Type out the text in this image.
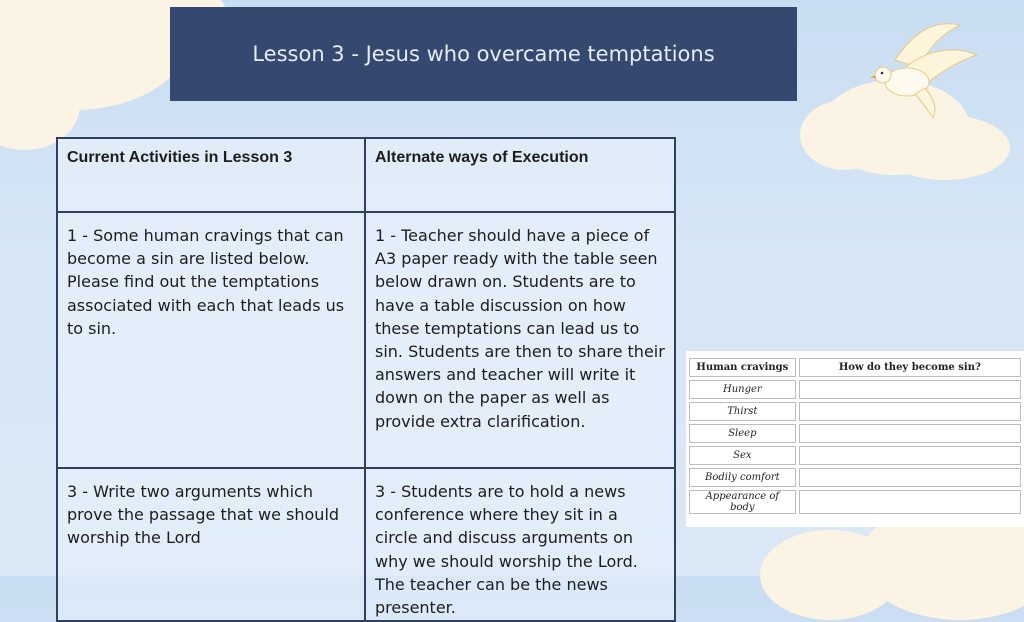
Lesson 3 - Jesus who overcame temptations
Current Activities in Lesson 3	Alternate ways of Execution
1 - Some human cravings that can become a sin are listed below. Please find out the temptations associated with each that leads us to sin.	1 - Teacher should have a piece of A3 paper ready with the table seen below drawn on. Students are to have a table discussion on how these temptations can lead us to sin. Students are then to share their answers and teacher will write it down on the paper as well as provide extra clarification.
3 - Write two arguments which prove the passage that we should worship the Lord	3 - Students are to hold a news conference where they sit in a circle and discuss arguments on why we should worship the Lord. The teacher can be the news presenter.
Human cravings	How do they become sin?
Hunger	
Thirst	
Sleep	
Sex	
Bodily comfort	
Appearance of body	
